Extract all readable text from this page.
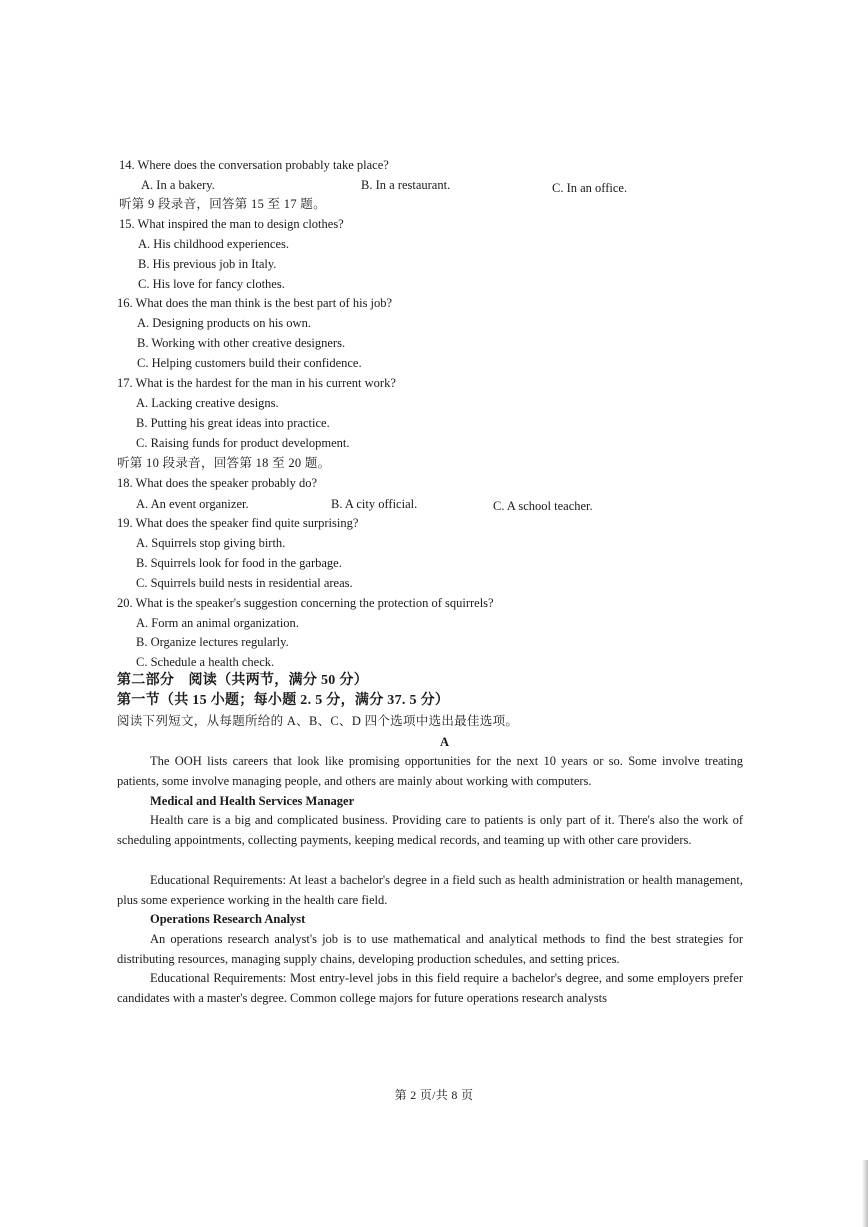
14. Where does the conversation probably take place?
A. In a bakery.	B. In a restaurant.	C. In an office.
听第 9 段录音，回答第 15 至 17 题。
15. What inspired the man to design clothes?
A. His childhood experiences.
B. His previous job in Italy.
C. His love for fancy clothes.
16. What does the man think is the best part of his job?
A. Designing products on his own.
B. Working with other creative designers.
C. Helping customers build their confidence.
17. What is the hardest for the man in his current work?
A. Lacking creative designs.
B. Putting his great ideas into practice.
C. Raising funds for product development.
听第 10 段录音，回答第 18 至 20 题。
18. What does the speaker probably do?
A. An event organizer.	B. A city official.	C. A school teacher.
19. What does the speaker find quite surprising?
A. Squirrels stop giving birth.
B. Squirrels look for food in the garbage.
C. Squirrels build nests in residential areas.
20. What is the speaker's suggestion concerning the protection of squirrels?
A. Form an animal organization.
B. Organize lectures regularly.
C. Schedule a health check.
第二部分　阅读（共两节，满分 50 分）
第一节（共 15 小题；每小题 2. 5 分，满分 37. 5 分）
阅读下列短文，从每题所给的 A、B、C、D 四个选项中选出最佳选项。
A
The OOH lists careers that look like promising opportunities for the next 10 years or so. Some involve treating patients, some involve managing people, and others are mainly about working with computers.
Medical and Health Services Manager
Health care is a big and complicated business. Providing care to patients is only part of it. There's also the work of scheduling appointments, collecting payments, keeping medical records, and teaming up with other care providers.
Educational Requirements: At least a bachelor's degree in a field such as health administration or health management, plus some experience working in the health care field.
Operations Research Analyst
An operations research analyst's job is to use mathematical and analytical methods to find the best strategies for distributing resources, managing supply chains, developing production schedules, and setting prices.
Educational Requirements: Most entry-level jobs in this field require a bachelor's degree, and some employers prefer candidates with a master's degree. Common college majors for future operations research analysts
第 2 页/共 8 页
